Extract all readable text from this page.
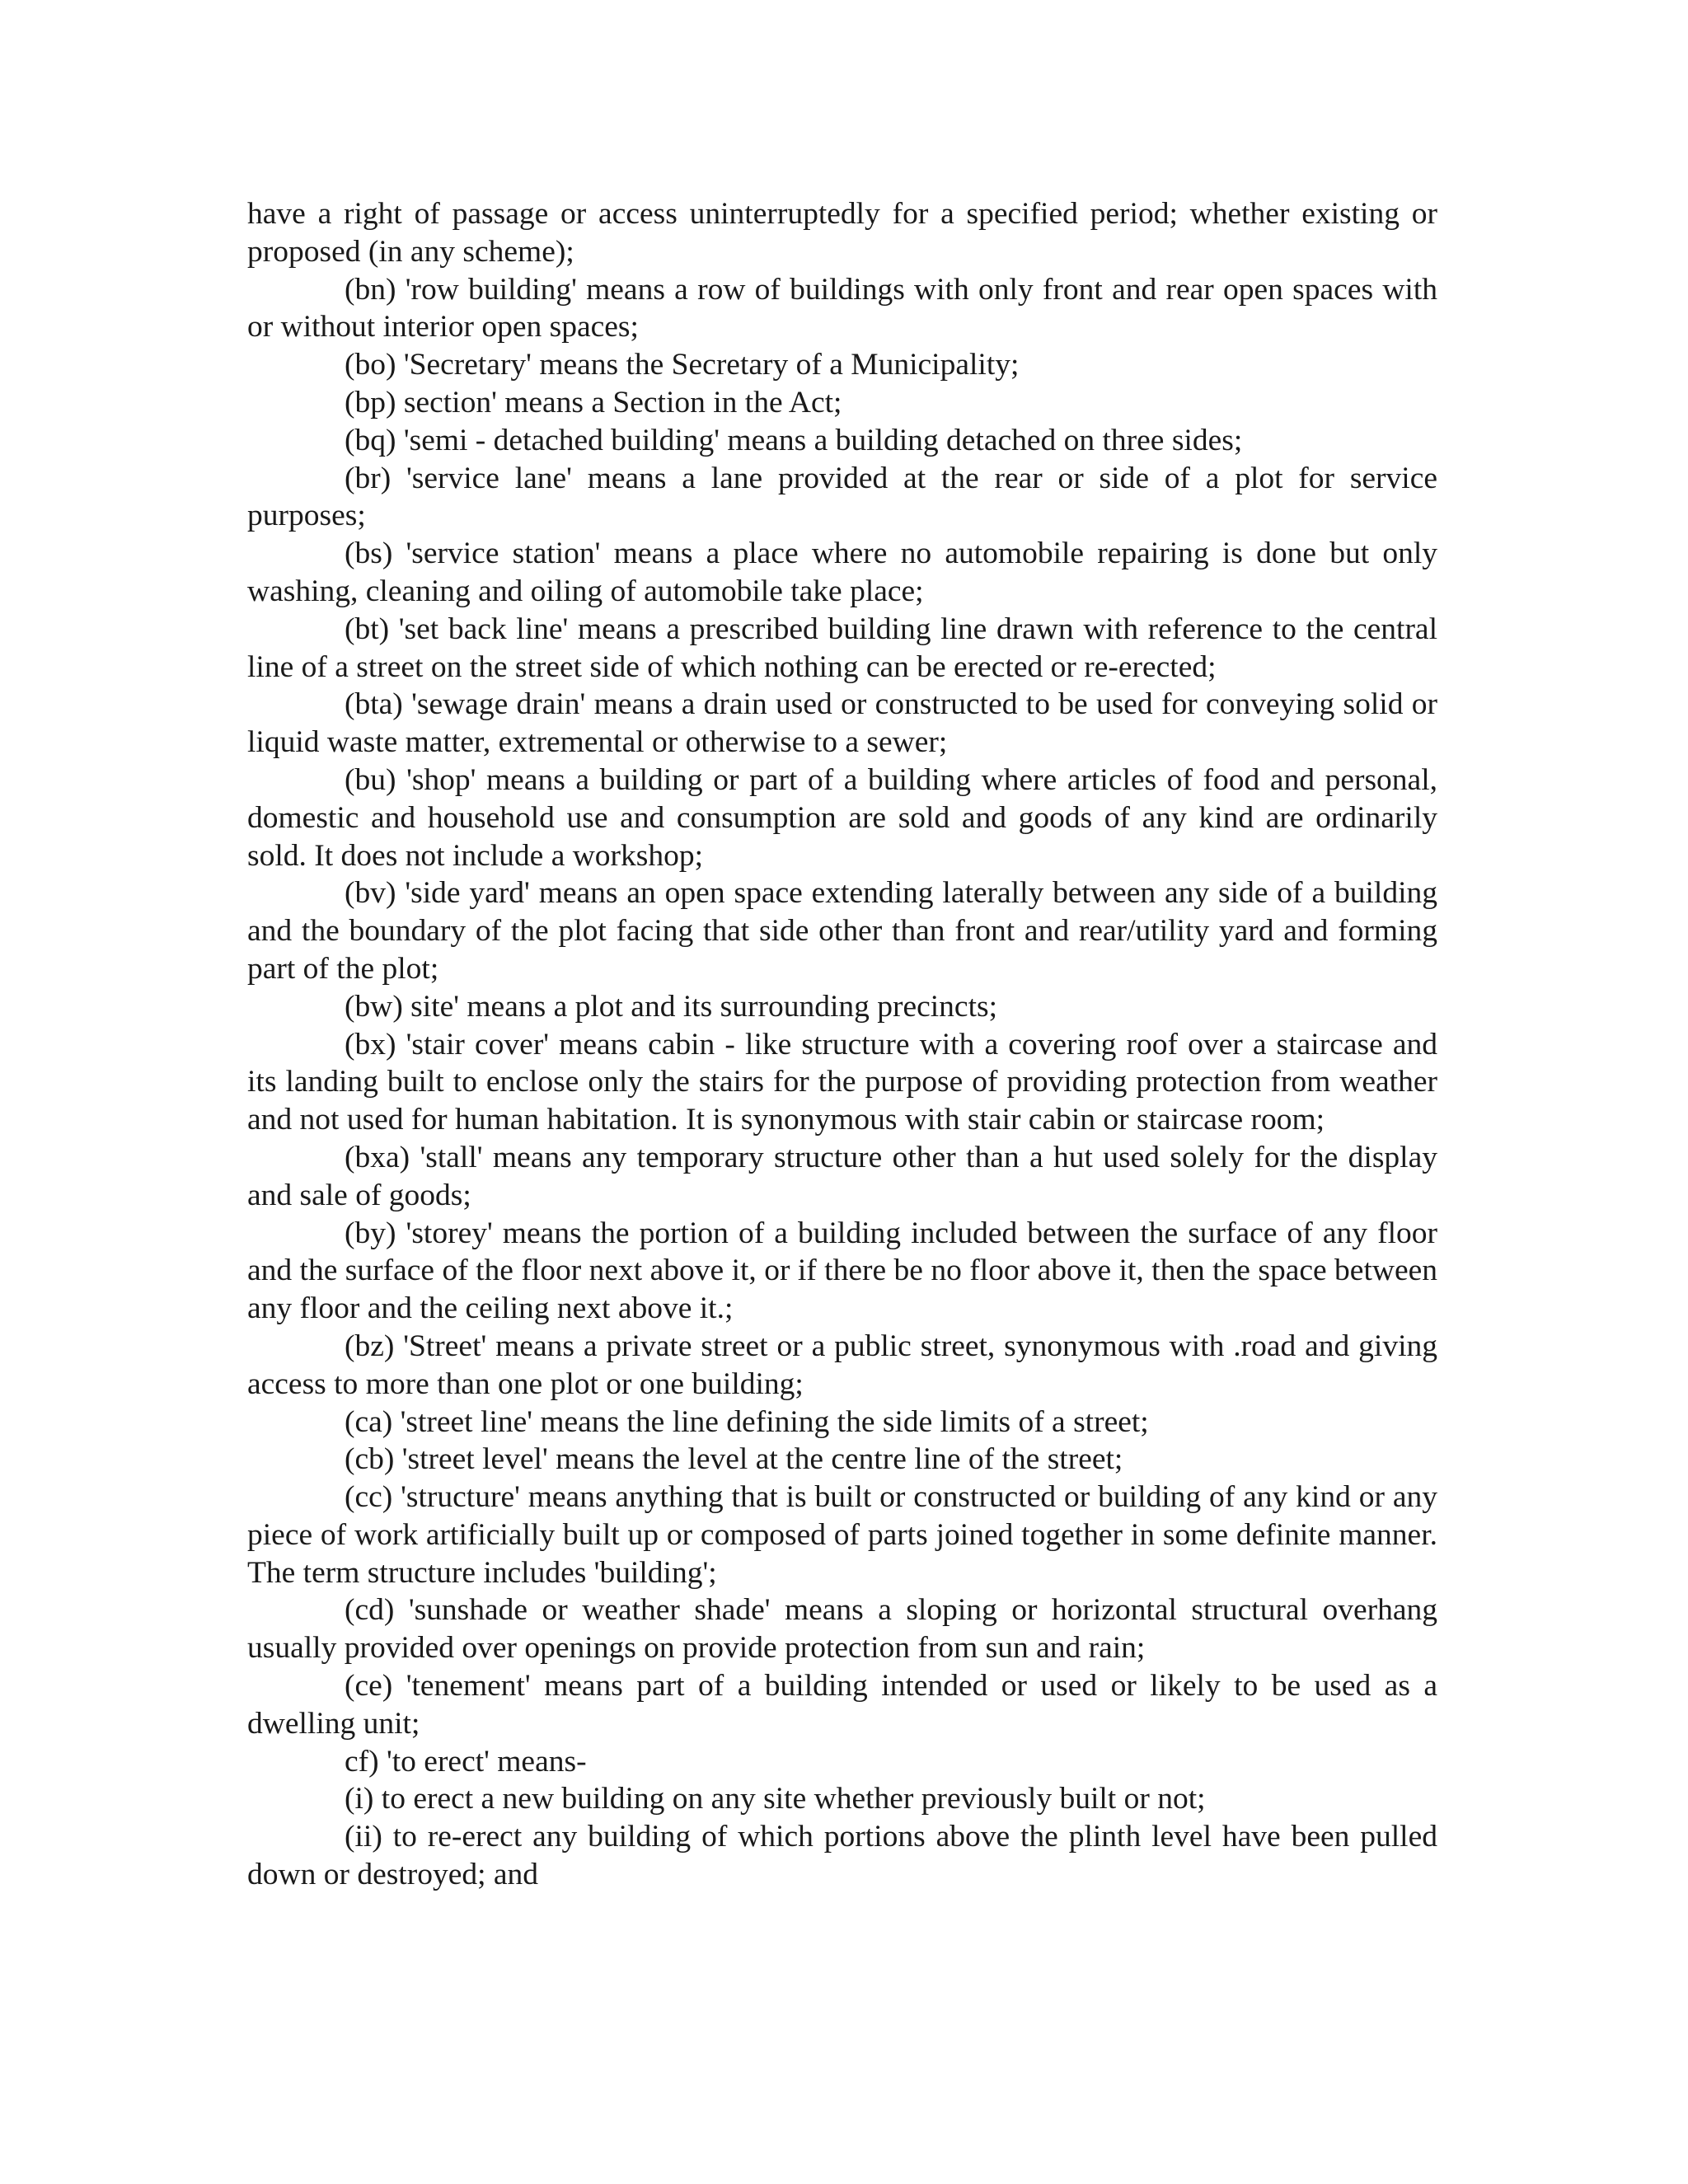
have a right of passage or access uninterruptedly for a specified period; whether existing or proposed (in any scheme);

(bn) 'row building' means a row of buildings with only front and rear open spaces with or without interior open spaces;

(bo) 'Secretary' means the Secretary of a Municipality;

(bp) section' means a Section in the Act;

(bq) 'semi - detached building' means a building detached on three sides;

(br) 'service lane' means a lane provided at the rear or side of a plot for service purposes;

(bs) 'service station' means a place where no automobile repairing is done but only washing, cleaning and oiling of automobile take place;

(bt) 'set back line' means a prescribed building line drawn with reference to the central line of a street on the street side of which nothing can be erected or re-erected;

(bta) 'sewage drain' means a drain used or constructed to be used for conveying solid or liquid waste matter, extremental or otherwise to a sewer;

(bu) 'shop' means a building or part of a building where articles of food and personal, domestic and household use and consumption are sold and goods of any kind are ordinarily sold. It does not include a workshop;

(bv) 'side yard' means an open space extending laterally between any side of a building and the boundary of the plot facing that side other than front and rear/utility yard and forming part of the plot;

(bw) site' means a plot and its surrounding precincts;

(bx) 'stair cover' means cabin - like structure with a covering roof over a staircase and its landing built to enclose only the stairs for the purpose of providing protection from weather and not used for human habitation. It is synonymous with stair cabin or staircase room;

(bxa) 'stall' means any temporary structure other than a hut used solely for the display and sale of goods;

(by) 'storey' means the portion of a building included between the surface of any floor and the surface of the floor next above it, or if there be no floor above it, then the space between any floor and the ceiling next above it.;

(bz) 'Street' means a private street or a public street, synonymous with .road and giving access to more than one plot or one building;

(ca) 'street line' means the line defining the side limits of a street;

(cb) 'street level' means the level at the centre line of the street;

(cc) 'structure' means anything that is built or constructed or building of any kind or any piece of work artificially built up or composed of parts joined together in some definite manner. The term structure includes 'building';

(cd) 'sunshade or weather shade' means a sloping or horizontal structural overhang usually provided over openings on provide protection from sun and rain;

(ce) 'tenement' means part of a building intended or used or likely to be used as a dwelling unit;

cf) 'to erect' means-

(i) to erect a new building on any site whether previously built or not;

(ii) to re-erect any building of which portions above the plinth level have been pulled down or destroyed; and
